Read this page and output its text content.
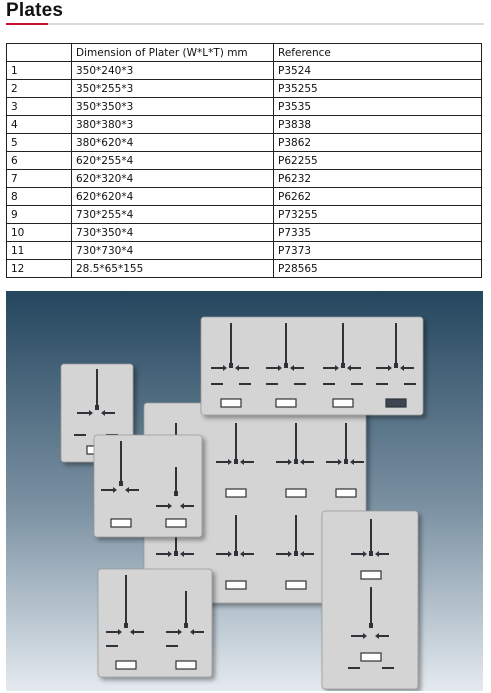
Plates
	Dimension of Plater (W*L*T) mm	Reference
1	350*240*3	P3524
2	350*255*3	P35255
3	350*350*3	P3535
4	380*380*3	P3838
5	380*620*4	P3862
6	620*255*4	P62255
7	620*320*4	P6232
8	620*620*4	P6262
9	730*255*4	P73255
10	730*350*4	P7335
11	730*730*4	P7373
12	28.5*65*155	P28565
